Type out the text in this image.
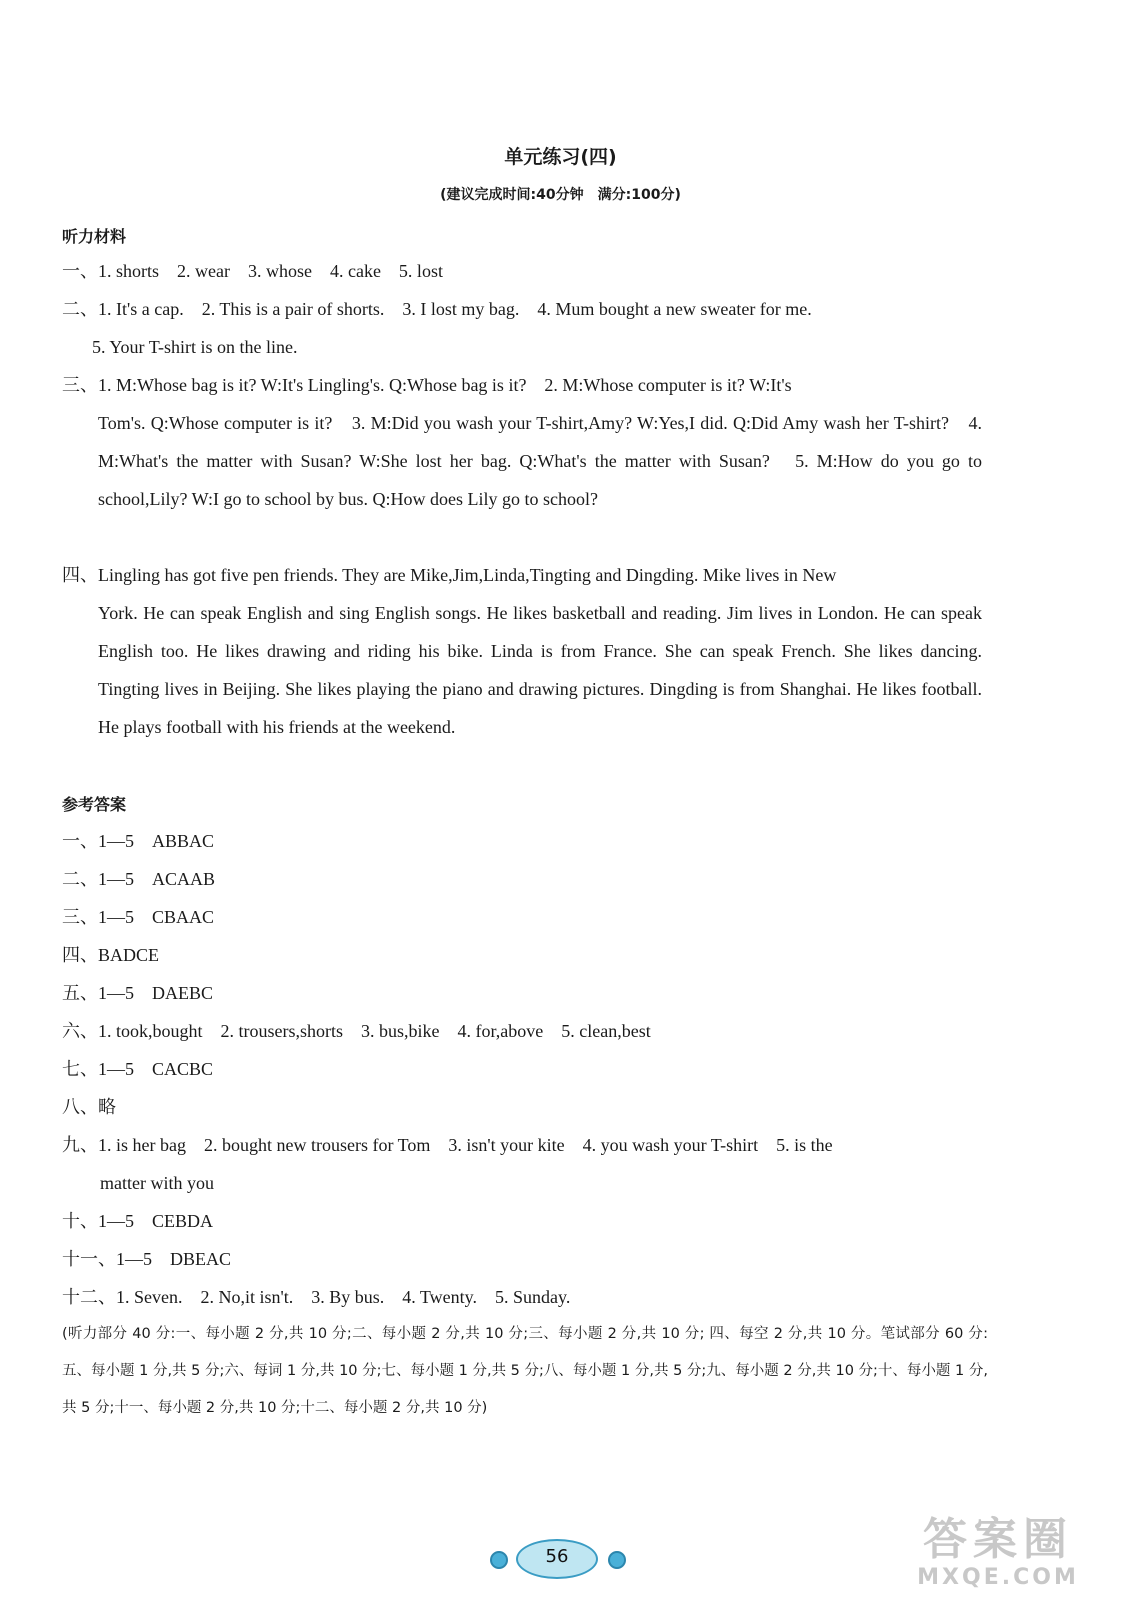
单元练习(四)
(建议完成时间:40分钟　满分:100分)
听力材料
一、1. shorts　2. wear　3. whose　4. cake　5. lost
二、1. It's a cap.　2. This is a pair of shorts.　3. I lost my bag.　4. Mum bought a new sweater for me.
5. Your T-shirt is on the line.
三、1. M:Whose bag is it? W:It's Lingling's. Q:Whose bag is it?　2. M:Whose computer is it? W:It's
Tom's. Q:Whose computer is it?　3. M:Did you wash your T-shirt,Amy? W:Yes,I did. Q:Did Amy wash her T-shirt?　4. M:What's the matter with Susan? W:She lost her bag. Q:What's the matter with Susan?　5. M:How do you go to school,Lily? W:I go to school by bus. Q:How does Lily go to school?
四、Lingling has got five pen friends. They are Mike,Jim,Linda,Tingting and Dingding. Mike lives in New
York. He can speak English and sing English songs. He likes basketball and reading. Jim lives in London. He can speak English too. He likes drawing and riding his bike. Linda is from France. She can speak French. She likes dancing. Tingting lives in Beijing. She likes playing the piano and drawing pictures. Dingding is from Shanghai. He likes football. He plays football with his friends at the weekend.
参考答案
一、1—5　ABBAC
二、1—5　ACAAB
三、1—5　CBAAC
四、BADCE
五、1—5　DAEBC
六、1. took,bought　2. trousers,shorts　3. bus,bike　4. for,above　5. clean,best
七、1—5　CACBC
八、略
九、1. is her bag　2. bought new trousers for Tom　3. isn't your kite　4. you wash your T-shirt　5. is the
matter with you
十、1—5　CEBDA
十一、1—5　DBEAC
十二、1. Seven.　2. No,it isn't.　3. By bus.　4. Twenty.　5. Sunday.
(听力部分 40 分:一、每小题 2 分,共 10 分;二、每小题 2 分,共 10 分;三、每小题 2 分,共 10 分; 四、每空 2 分,共 10 分。笔试部分 60 分:五、每小题 1 分,共 5 分;六、每词 1 分,共 10 分;七、每小题 1 分,共 5 分;八、每小题 1 分,共 5 分;九、每小题 2 分,共 10 分;十、每小题 1 分,共 5 分;十一、每小题 2 分,共 10 分;十二、每小题 2 分,共 10 分)
56	答案圈
MXQE.COM
